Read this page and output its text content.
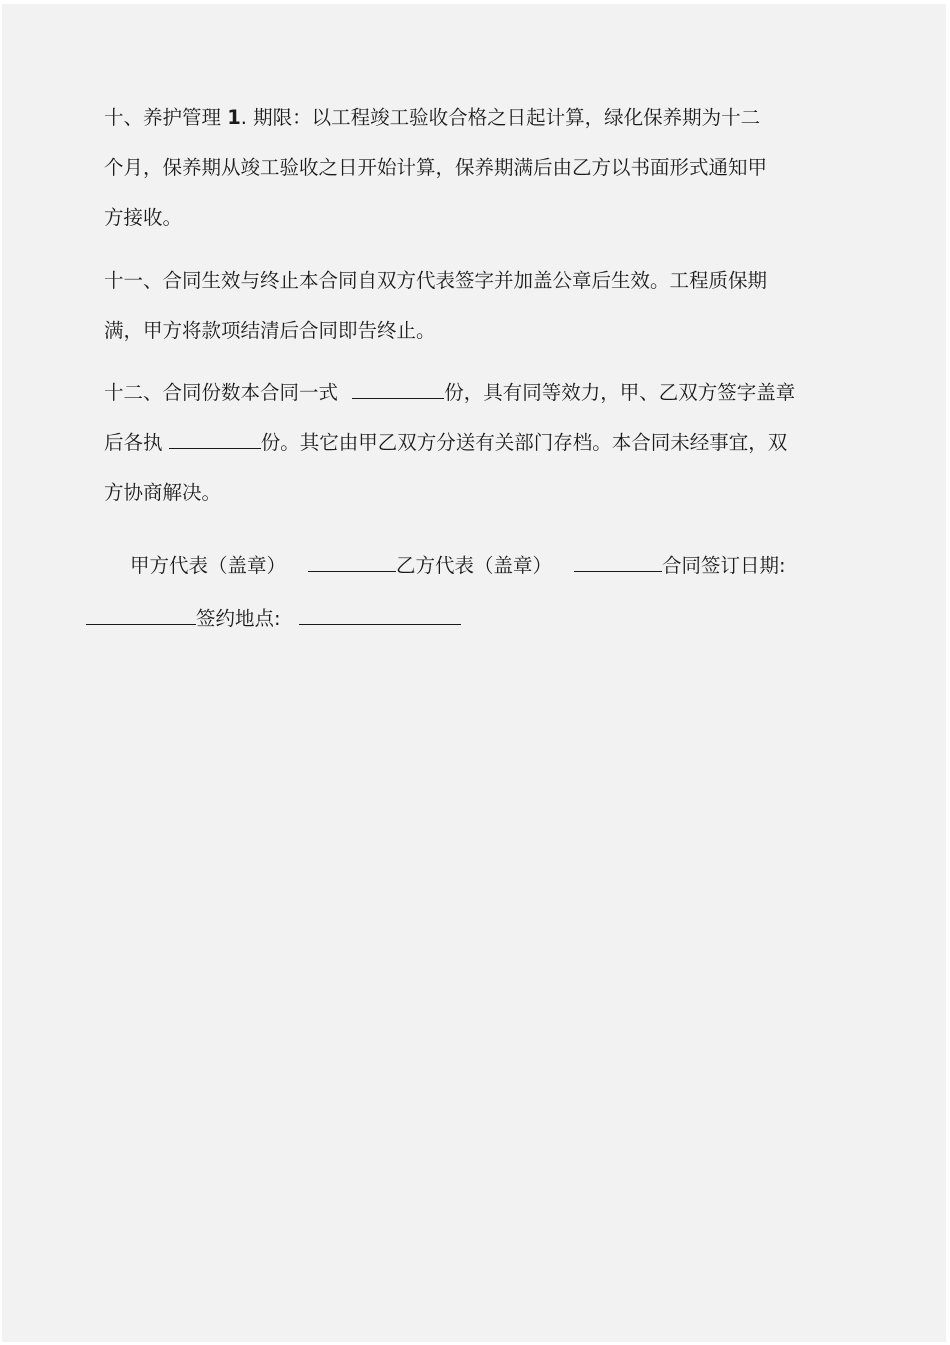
十、养护管理 1. 期限：以工程竣工验收合格之日起计算，绿化保养期为十二
个月，保养期从竣工验收之日开始计算，保养期满后由乙方以书面形式通知甲
方接收。
十一、合同生效与终止本合同自双方代表签字并加盖公章后生效。工程质保期
满，甲方将款项结清后合同即告终止。
十二、合同份数本合同一式	份，具有同等效力，甲、乙双方签字盖章
后各执	份。其它由甲乙双方分送有关部门存档。本合同未经事宜，双
方协商解决。
甲方代表（盖章）	乙方代表（盖章）	合同签订日期:
签约地点:
